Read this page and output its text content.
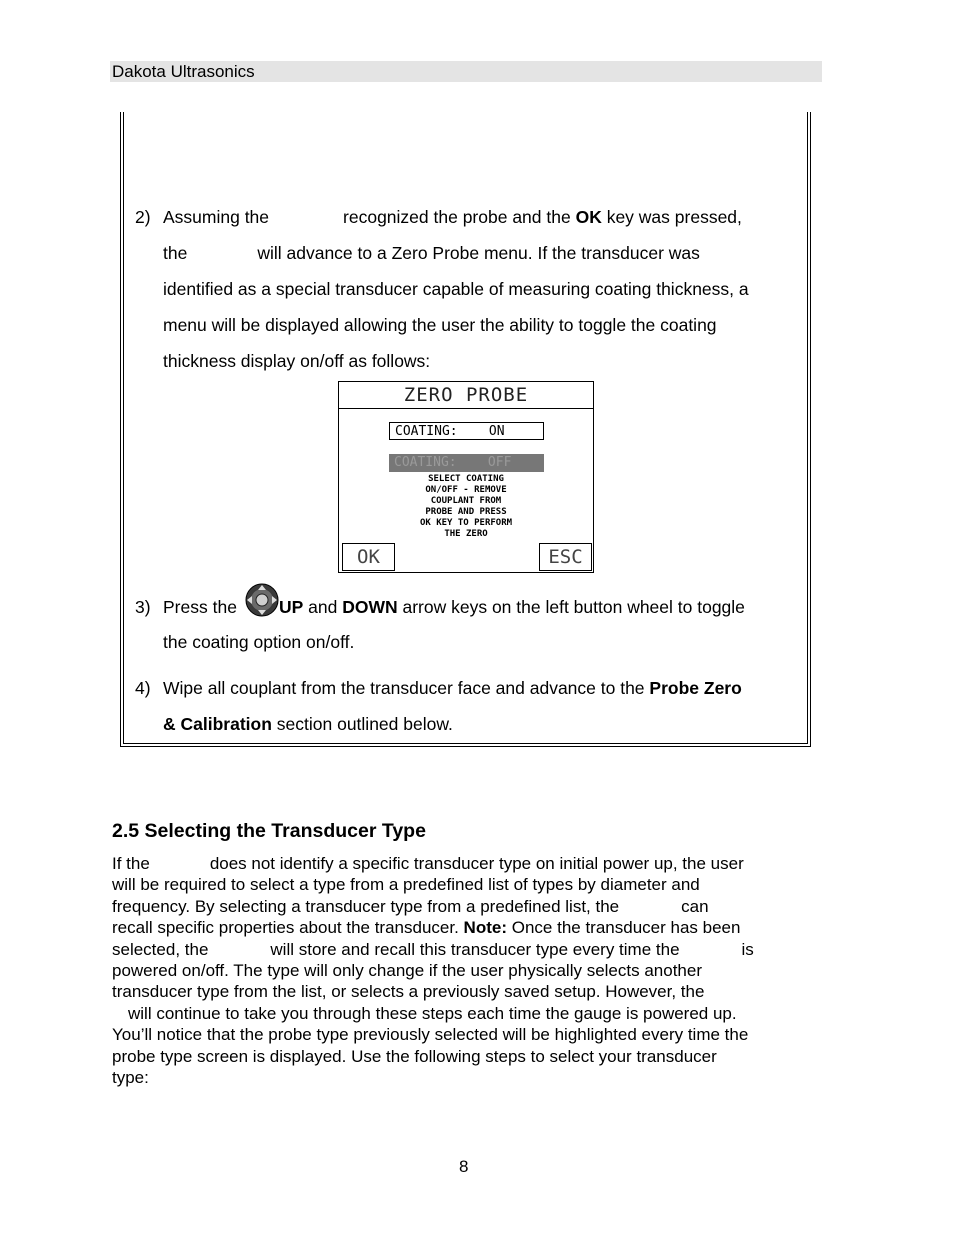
Dakota Ultrasonics
2) Assuming the	recognized the probe and the OK key was pressed,
the	will advance to a Zero Probe menu. If the transducer was
identified as a special transducer capable of measuring coating thickness, a
menu will be displayed allowing the user the ability to toggle the coating
thickness display on/off as follows:
ZERO PROBE
COATING:    ON
COATING:    OFF
SELECT COATING
ON/OFF - REMOVE
COUPLANT FROM
PROBE AND PRESS
OK KEY TO PERFORM
THE ZERO
OK	ESC
3) Press the UP and DOWN arrow keys on the left button wheel to toggle
the coating option on/off.
4) Wipe all couplant from the transducer face and advance to the Probe Zero
& Calibration section outlined below.
2.5 Selecting the Transducer Type
If the	does not identify a specific transducer type on initial power up, the user
will be required to select a type from a predefined list of types by diameter and
frequency. By selecting a transducer type from a predefined list, the	can
recall specific properties about the transducer. Note: Once the transducer has been
selected, the	will store and recall this transducer type every time the	is
powered on/off. The type will only change if the user physically selects another
transducer type from the list, or selects a previously saved setup. However, the
will continue to take you through these steps each time the gauge is powered up.
You’ll notice that the probe type previously selected will be highlighted every time the
probe type screen is displayed. Use the following steps to select your transducer
type:
8
